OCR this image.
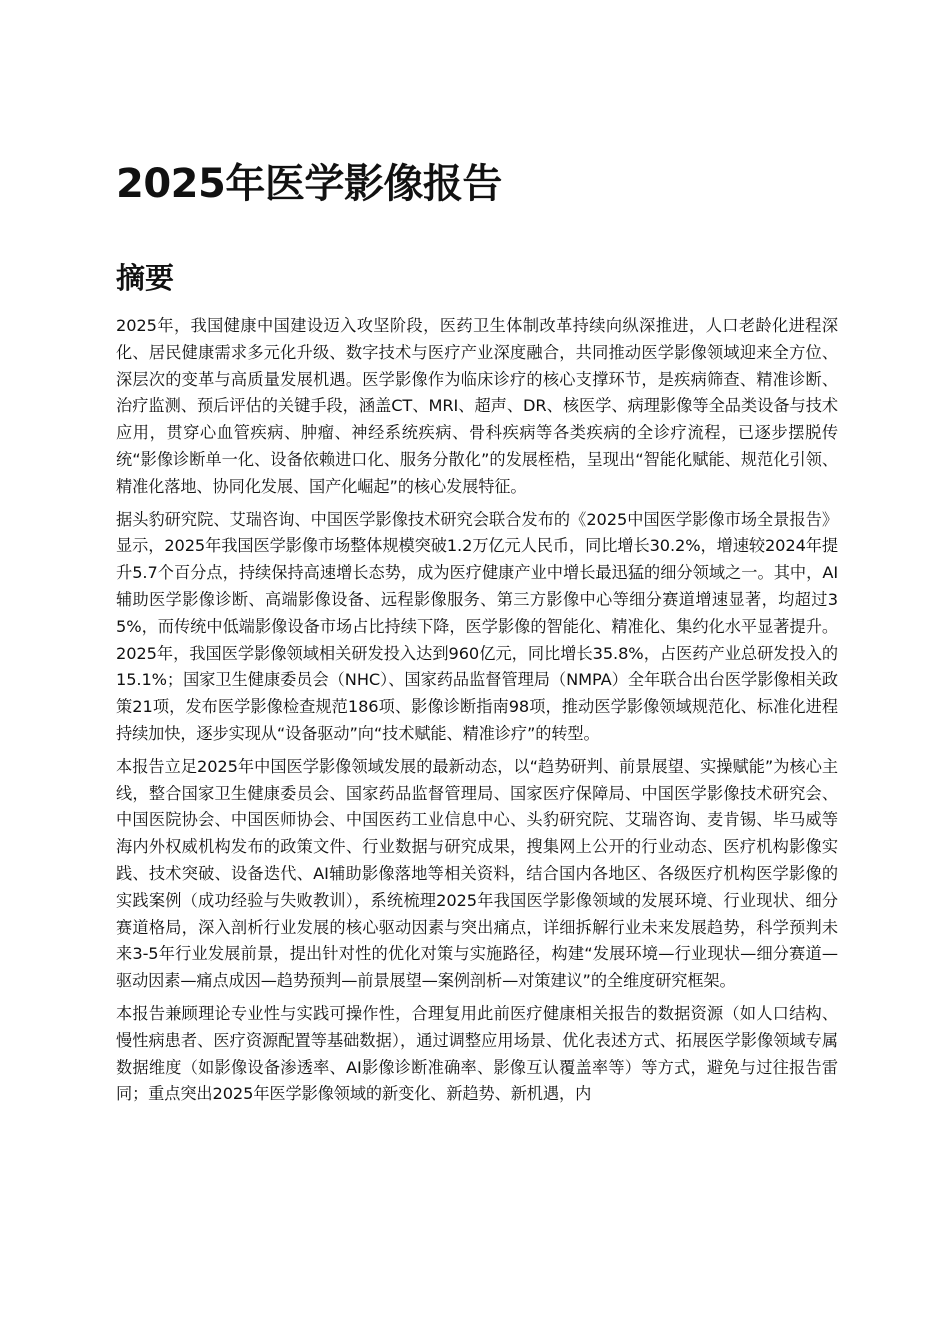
2025年医学影像报告
摘要

2025年，我国健康中国建设迈入攻坚阶段，医药卫生体制改革持续向纵深推进，人口老龄化进程深化、居民健康需求多元化升级、数字技术与医疗产业深度融合，共同推动医学影像领域迎来全方位、深层次的变革与高质量发展机遇。医学影像作为临床诊疗的核心支撑环节，是疾病筛查、精准诊断、治疗监测、预后评估的关键手段，涵盖CT、MRI、超声、DR、核医学、病理影像等全品类设备与技术应用，贯穿心血管疾病、肿瘤、神经系统疾病、骨科疾病等各类疾病的全诊疗流程，已逐步摆脱传统“影像诊断单一化、设备依赖进口化、服务分散化”的发展桎梏，呈现出“智能化赋能、规范化引领、精准化落地、协同化发展、国产化崛起”的核心发展特征。

据头豹研究院、艾瑞咨询、中国医学影像技术研究会联合发布的《2025中国医学影像市场全景报告》显示，2025年我国医学影像市场整体规模突破1.2万亿元人民币，同比增长30.2%，增速较2024年提升5.7个百分点，持续保持高速增长态势，成为医疗健康产业中增长最迅猛的细分领域之一。其中，AI辅助医学影像诊断、高端影像设备、远程影像服务、第三方影像中心等细分赛道增速显著，均超过35%，而传统中低端影像设备市场占比持续下降，医学影像的智能化、精准化、集约化水平显著提升。2025年，我国医学影像领域相关研发投入达到960亿元，同比增长35.8%，占医药产业总研发投入的15.1%；国家卫生健康委员会（NHC）、国家药品监督管理局（NMPA）全年联合出台医学影像相关政策21项，发布医学影像检查规范186项、影像诊断指南98项，推动医学影像领域规范化、标准化进程持续加快，逐步实现从“设备驱动”向“技术赋能、精准诊疗”的转型。

本报告立足2025年中国医学影像领域发展的最新动态，以“趋势研判、前景展望、实操赋能”为核心主线，整合国家卫生健康委员会、国家药品监督管理局、国家医疗保障局、中国医学影像技术研究会、中国医院协会、中国医师协会、中国医药工业信息中心、头豹研究院、艾瑞咨询、麦肯锡、毕马威等海内外权威机构发布的政策文件、行业数据与研究成果，搜集网上公开的行业动态、医疗机构影像实践、技术突破、设备迭代、AI辅助影像落地等相关资料，结合国内各地区、各级医疗机构医学影像的实践案例（成功经验与失败教训），系统梳理2025年我国医学影像领域的发展环境、行业现状、细分赛道格局，深入剖析行业发展的核心驱动因素与突出痛点，详细拆解行业未来发展趋势，科学预判未来3-5年行业发展前景，提出针对性的优化对策与实施路径，构建“发展环境—行业现状—细分赛道—驱动因素—痛点成因—趋势预判—前景展望—案例剖析—对策建议”的全维度研究框架。

本报告兼顾理论专业性与实践可操作性，合理复用此前医疗健康相关报告的数据资源（如人口结构、慢性病患者、医疗资源配置等基础数据），通过调整应用场景、优化表述方式、拓展医学影像领域专属数据维度（如影像设备渗透率、AI影像诊断准确率、影像互认覆盖率等）等方式，避免与过往报告雷同；重点突出2025年医学影像领域的新变化、新趋势、新机遇，内
